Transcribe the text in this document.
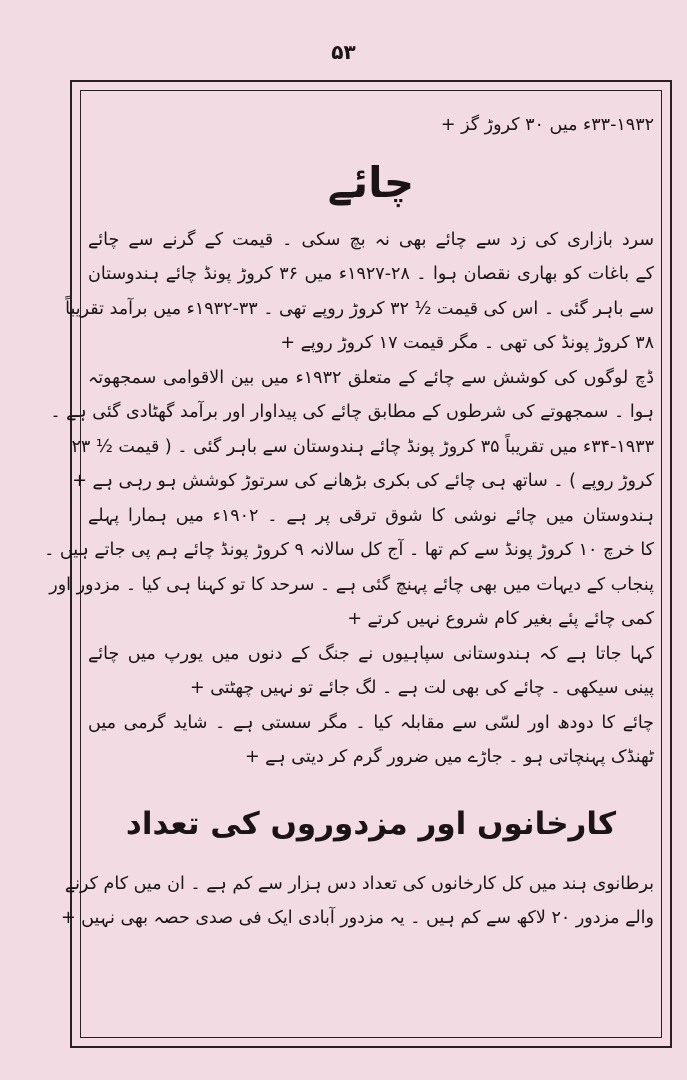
۵۳
۳۳-۱۹۳۲ء میں ۳۰ کروڑ گز +
چائے
سرد بازاری کی زد سے چائے بھی نہ بچ سکی ۔ قیمت کے گرنے سے چائے
کے باغات کو بھاری نقصان ہوا ۔ ۲۸-۱۹۲۷ء میں ۳۶ کروڑ پونڈ چائے ہندوستان
سے باہر گئی ۔ اس کی قیمت ½ ۳۲ کروڑ روپے تھی ۔ ۳۳-۱۹۳۲ء میں برآمد تقریباً
۳۸ کروڑ پونڈ کی تھی ۔ مگر قیمت ۱۷ کروڑ روپے +
ڈچ لوگوں کی کوشش سے چائے کے متعلق ۱۹۳۲ء میں بین الاقوامی سمجھوتہ
ہوا ۔ سمجھوتے کی شرطوں کے مطابق چائے کی پیداوار اور برآمد گھٹادی گئی ہے ۔
۳۴-۱۹۳۳ء میں تقریباً ۳۵ کروڑ پونڈ چائے ہندوستان سے باہر گئی ۔ ( قیمت ½ ۲۳
کروڑ روپے ) ۔ ساتھ ہی چائے کی بکری بڑھانے کی سرتوڑ کوشش ہو رہی ہے +
ہندوستان میں چائے نوشی کا شوق ترقی پر ہے ۔ ۱۹۰۲ء میں ہمارا پہلے
کا خرچ ۱۰ کروڑ پونڈ سے کم تھا ۔ آج کل سالانہ ۹ کروڑ پونڈ چائے ہم پی جاتے ہیں ۔
پنجاب کے دیہات میں بھی چائے پہنچ گئی ہے ۔ سرحد کا تو کہنا ہی کیا ۔ مزدور اور
کمی چائے پئے بغیر کام شروع نہیں کرتے +
کہا جاتا ہے کہ ہندوستانی سپاہیوں نے جنگ کے دنوں میں یورپ میں چائے
پینی سیکھی ۔ چائے کی بھی لت ہے ۔ لگ جائے تو نہیں چھٹتی +
چائے کا دودھ اور لسّی سے مقابلہ کیا ۔ مگر سستی ہے ۔ شاید گرمی میں
ٹھنڈک پہنچاتی ہو ۔ جاڑے میں ضرور گرم کر دیتی ہے +
کارخانوں اور مزدوروں کی تعداد
برطانوی ہند میں کل کارخانوں کی تعداد دس ہزار سے کم ہے ۔ ان میں کام کرنے
والے مزدور ۲۰ لاکھ سے کم ہیں ۔ یہ مزدور آبادی ایک فی صدی حصہ بھی نہیں +
